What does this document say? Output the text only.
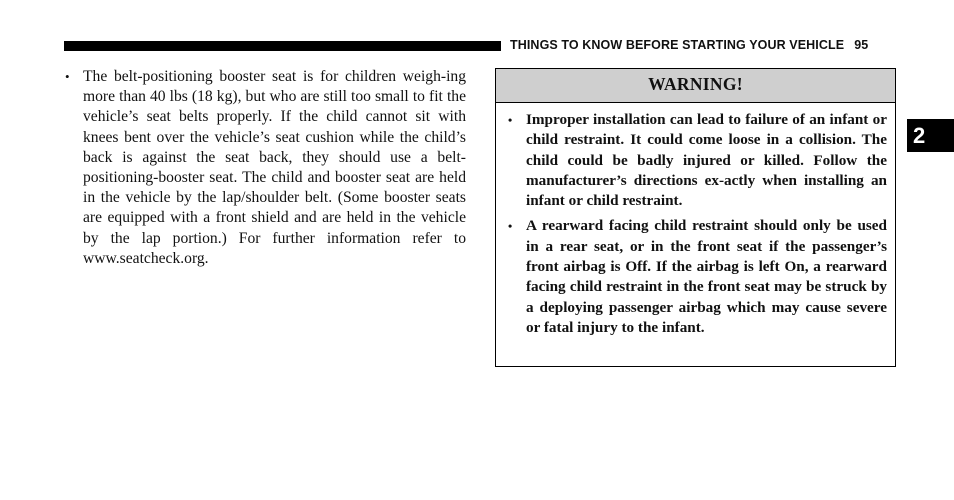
THINGS TO KNOW BEFORE STARTING YOUR VEHICLE 95
• The belt-positioning booster seat is for children weigh-ing more than 40 lbs (18 kg), but who are still too small to fit the vehicle’s seat belts properly. If the child cannot sit with knees bent over the vehicle’s seat cushion while the child’s back is against the seat back, they should use a belt-positioning-booster seat. The child and booster seat are held in the vehicle by the lap/shoulder belt. (Some booster seats are equipped with a front shield and are held in the vehicle by the lap portion.) For further information refer to www.seatcheck.org.
WARNING!
• Improper installation can lead to failure of an infant or child restraint. It could come loose in a collision. The child could be badly injured or killed. Follow the manufacturer’s directions ex-actly when installing an infant or child restraint.
• A rearward facing child restraint should only be used in a rear seat, or in the front seat if the passenger’s front airbag is Off. If the airbag is left On, a rearward facing child restraint in the front seat may be struck by a deploying passenger airbag which may cause severe or fatal injury to the infant.
2
